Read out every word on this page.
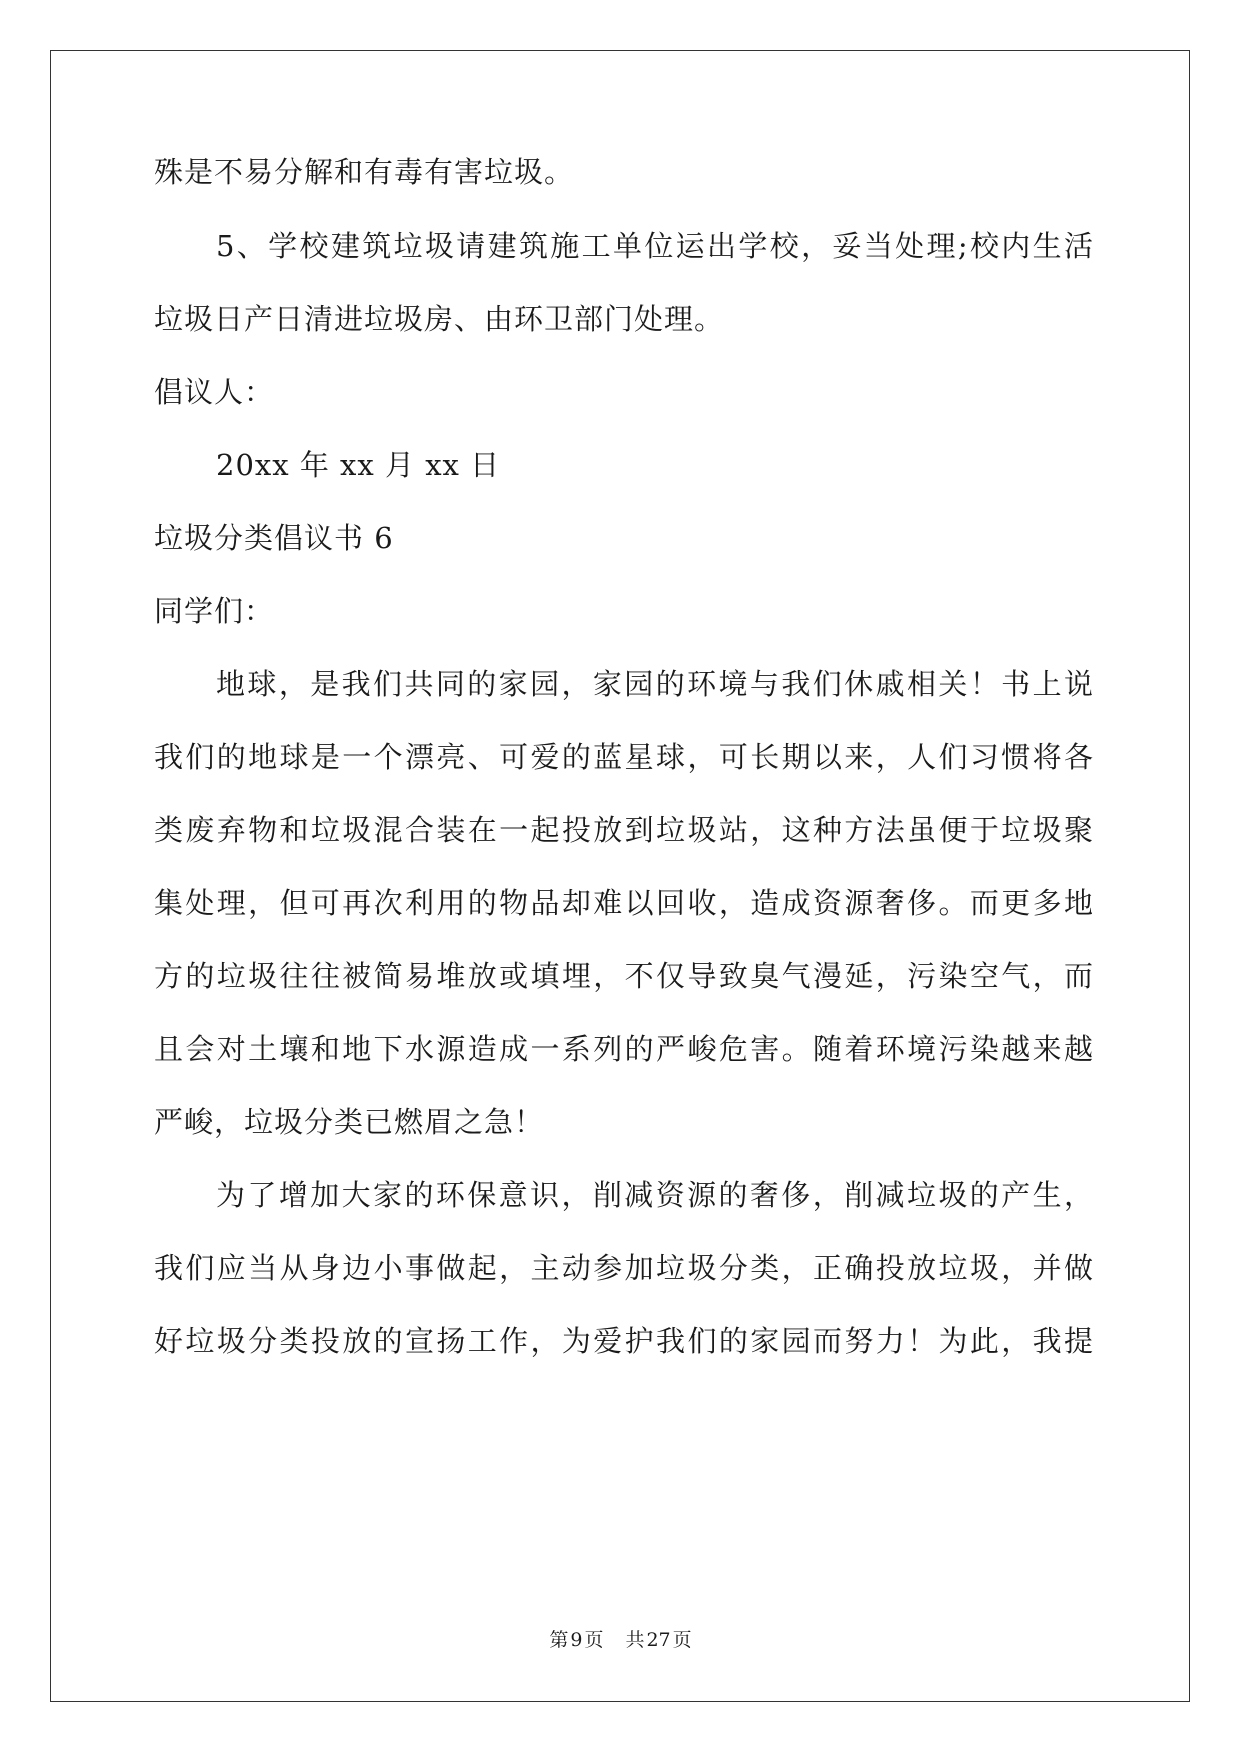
殊是不易分解和有毒有害垃圾。
5、学校建筑垃圾请建筑施工单位运出学校，妥当处理;校内生活
垃圾日产日清进垃圾房、由环卫部门处理。
倡议人：
20xx 年 xx 月 xx 日
垃圾分类倡议书 6
同学们：
地球，是我们共同的家园，家园的环境与我们休戚相关！书上说
我们的地球是一个漂亮、可爱的蓝星球，可长期以来，人们习惯将各
类废弃物和垃圾混合装在一起投放到垃圾站，这种方法虽便于垃圾聚
集处理，但可再次利用的物品却难以回收，造成资源奢侈。而更多地
方的垃圾往往被简易堆放或填埋，不仅导致臭气漫延，污染空气，而
且会对土壤和地下水源造成一系列的严峻危害。随着环境污染越来越
严峻，垃圾分类已燃眉之急！
为了增加大家的环保意识，削减资源的奢侈，削减垃圾的产生，
我们应当从身边小事做起，主动参加垃圾分类，正确投放垃圾，并做
好垃圾分类投放的宣扬工作，为爱护我们的家园而努力！为此，我提
第 9 页 共 27 页
